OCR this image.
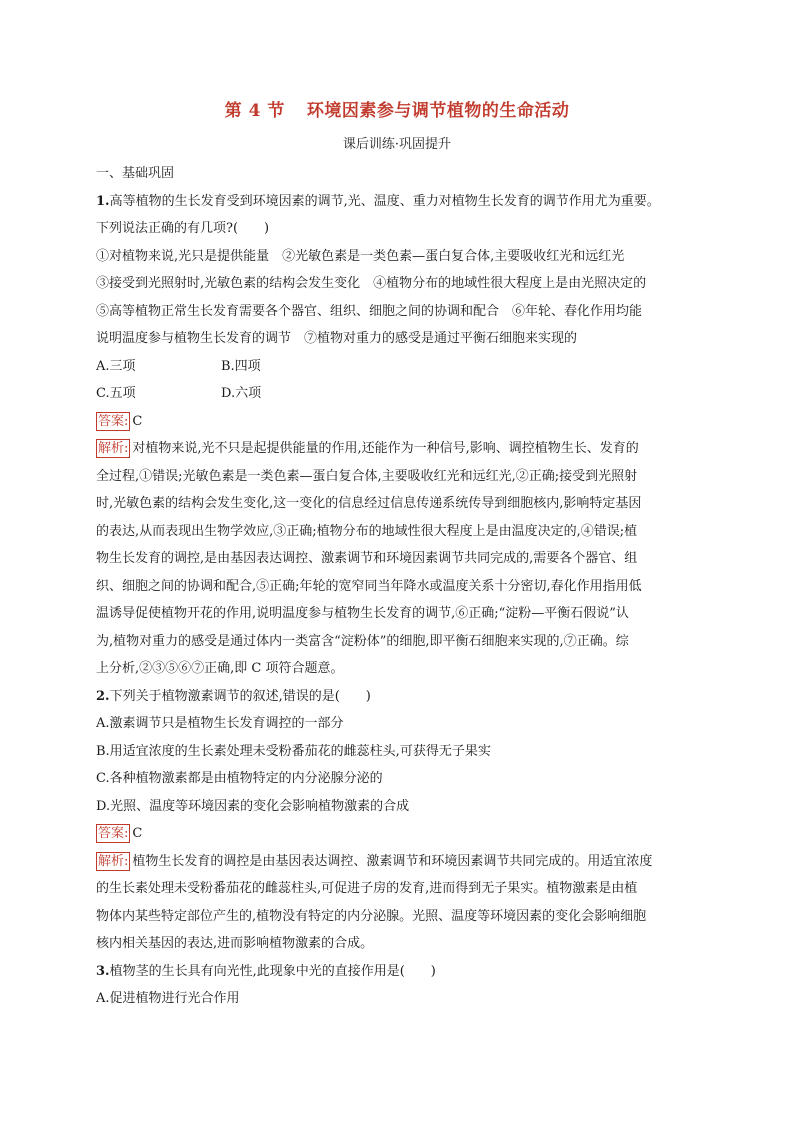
第 4 节 环境因素参与调节植物的生命活动
课后训练·巩固提升
一、基础巩固
1.高等植物的生长发育受到环境因素的调节,光、温度、重力对植物生长发育的调节作用尤为重要。
下列说法正确的有几项?(　　)
①对植物来说,光只是提供能量　②光敏色素是一类色素—蛋白复合体,主要吸收红光和远红光
③接受到光照射时,光敏色素的结构会发生变化　④植物分布的地域性很大程度上是由光照决定的
⑤高等植物正常生长发育需要各个器官、组织、细胞之间的协调和配合　⑥年轮、春化作用均能
说明温度参与植物生长发育的调节　⑦植物对重力的感受是通过平衡石细胞来实现的
A.三项	B.四项
C.五项	D.六项
答案: C
解析: 对植物来说,光不只是起提供能量的作用,还能作为一种信号,影响、调控植物生长、发育的
全过程,①错误;光敏色素是一类色素—蛋白复合体,主要吸收红光和远红光,②正确;接受到光照射
时,光敏色素的结构会发生变化,这一变化的信息经过信息传递系统传导到细胞核内,影响特定基因
的表达,从而表现出生物学效应,③正确;植物分布的地域性很大程度上是由温度决定的,④错误;植
物生长发育的调控,是由基因表达调控、激素调节和环境因素调节共同完成的,需要各个器官、组
织、细胞之间的协调和配合,⑤正确;年轮的宽窄同当年降水或温度关系十分密切,春化作用指用低
温诱导促使植物开花的作用,说明温度参与植物生长发育的调节,⑥正确;“淀粉—平衡石假说”认
为,植物对重力的感受是通过体内一类富含“淀粉体”的细胞,即平衡石细胞来实现的,⑦正确。综
上分析,②③⑤⑥⑦正确,即 C 项符合题意。
2.下列关于植物激素调节的叙述,错误的是(　　)
A.激素调节只是植物生长发育调控的一部分
B.用适宜浓度的生长素处理未受粉番茄花的雌蕊柱头,可获得无子果实
C.各种植物激素都是由植物特定的内分泌腺分泌的
D.光照、温度等环境因素的变化会影响植物激素的合成
答案: C
解析: 植物生长发育的调控是由基因表达调控、激素调节和环境因素调节共同完成的。用适宜浓度
的生长素处理未受粉番茄花的雌蕊柱头,可促进子房的发育,进而得到无子果实。植物激素是由植
物体内某些特定部位产生的,植物没有特定的内分泌腺。光照、温度等环境因素的变化会影响细胞
核内相关基因的表达,进而影响植物激素的合成。
3.植物茎的生长具有向光性,此现象中光的直接作用是(　　)
A.促进植物进行光合作用
